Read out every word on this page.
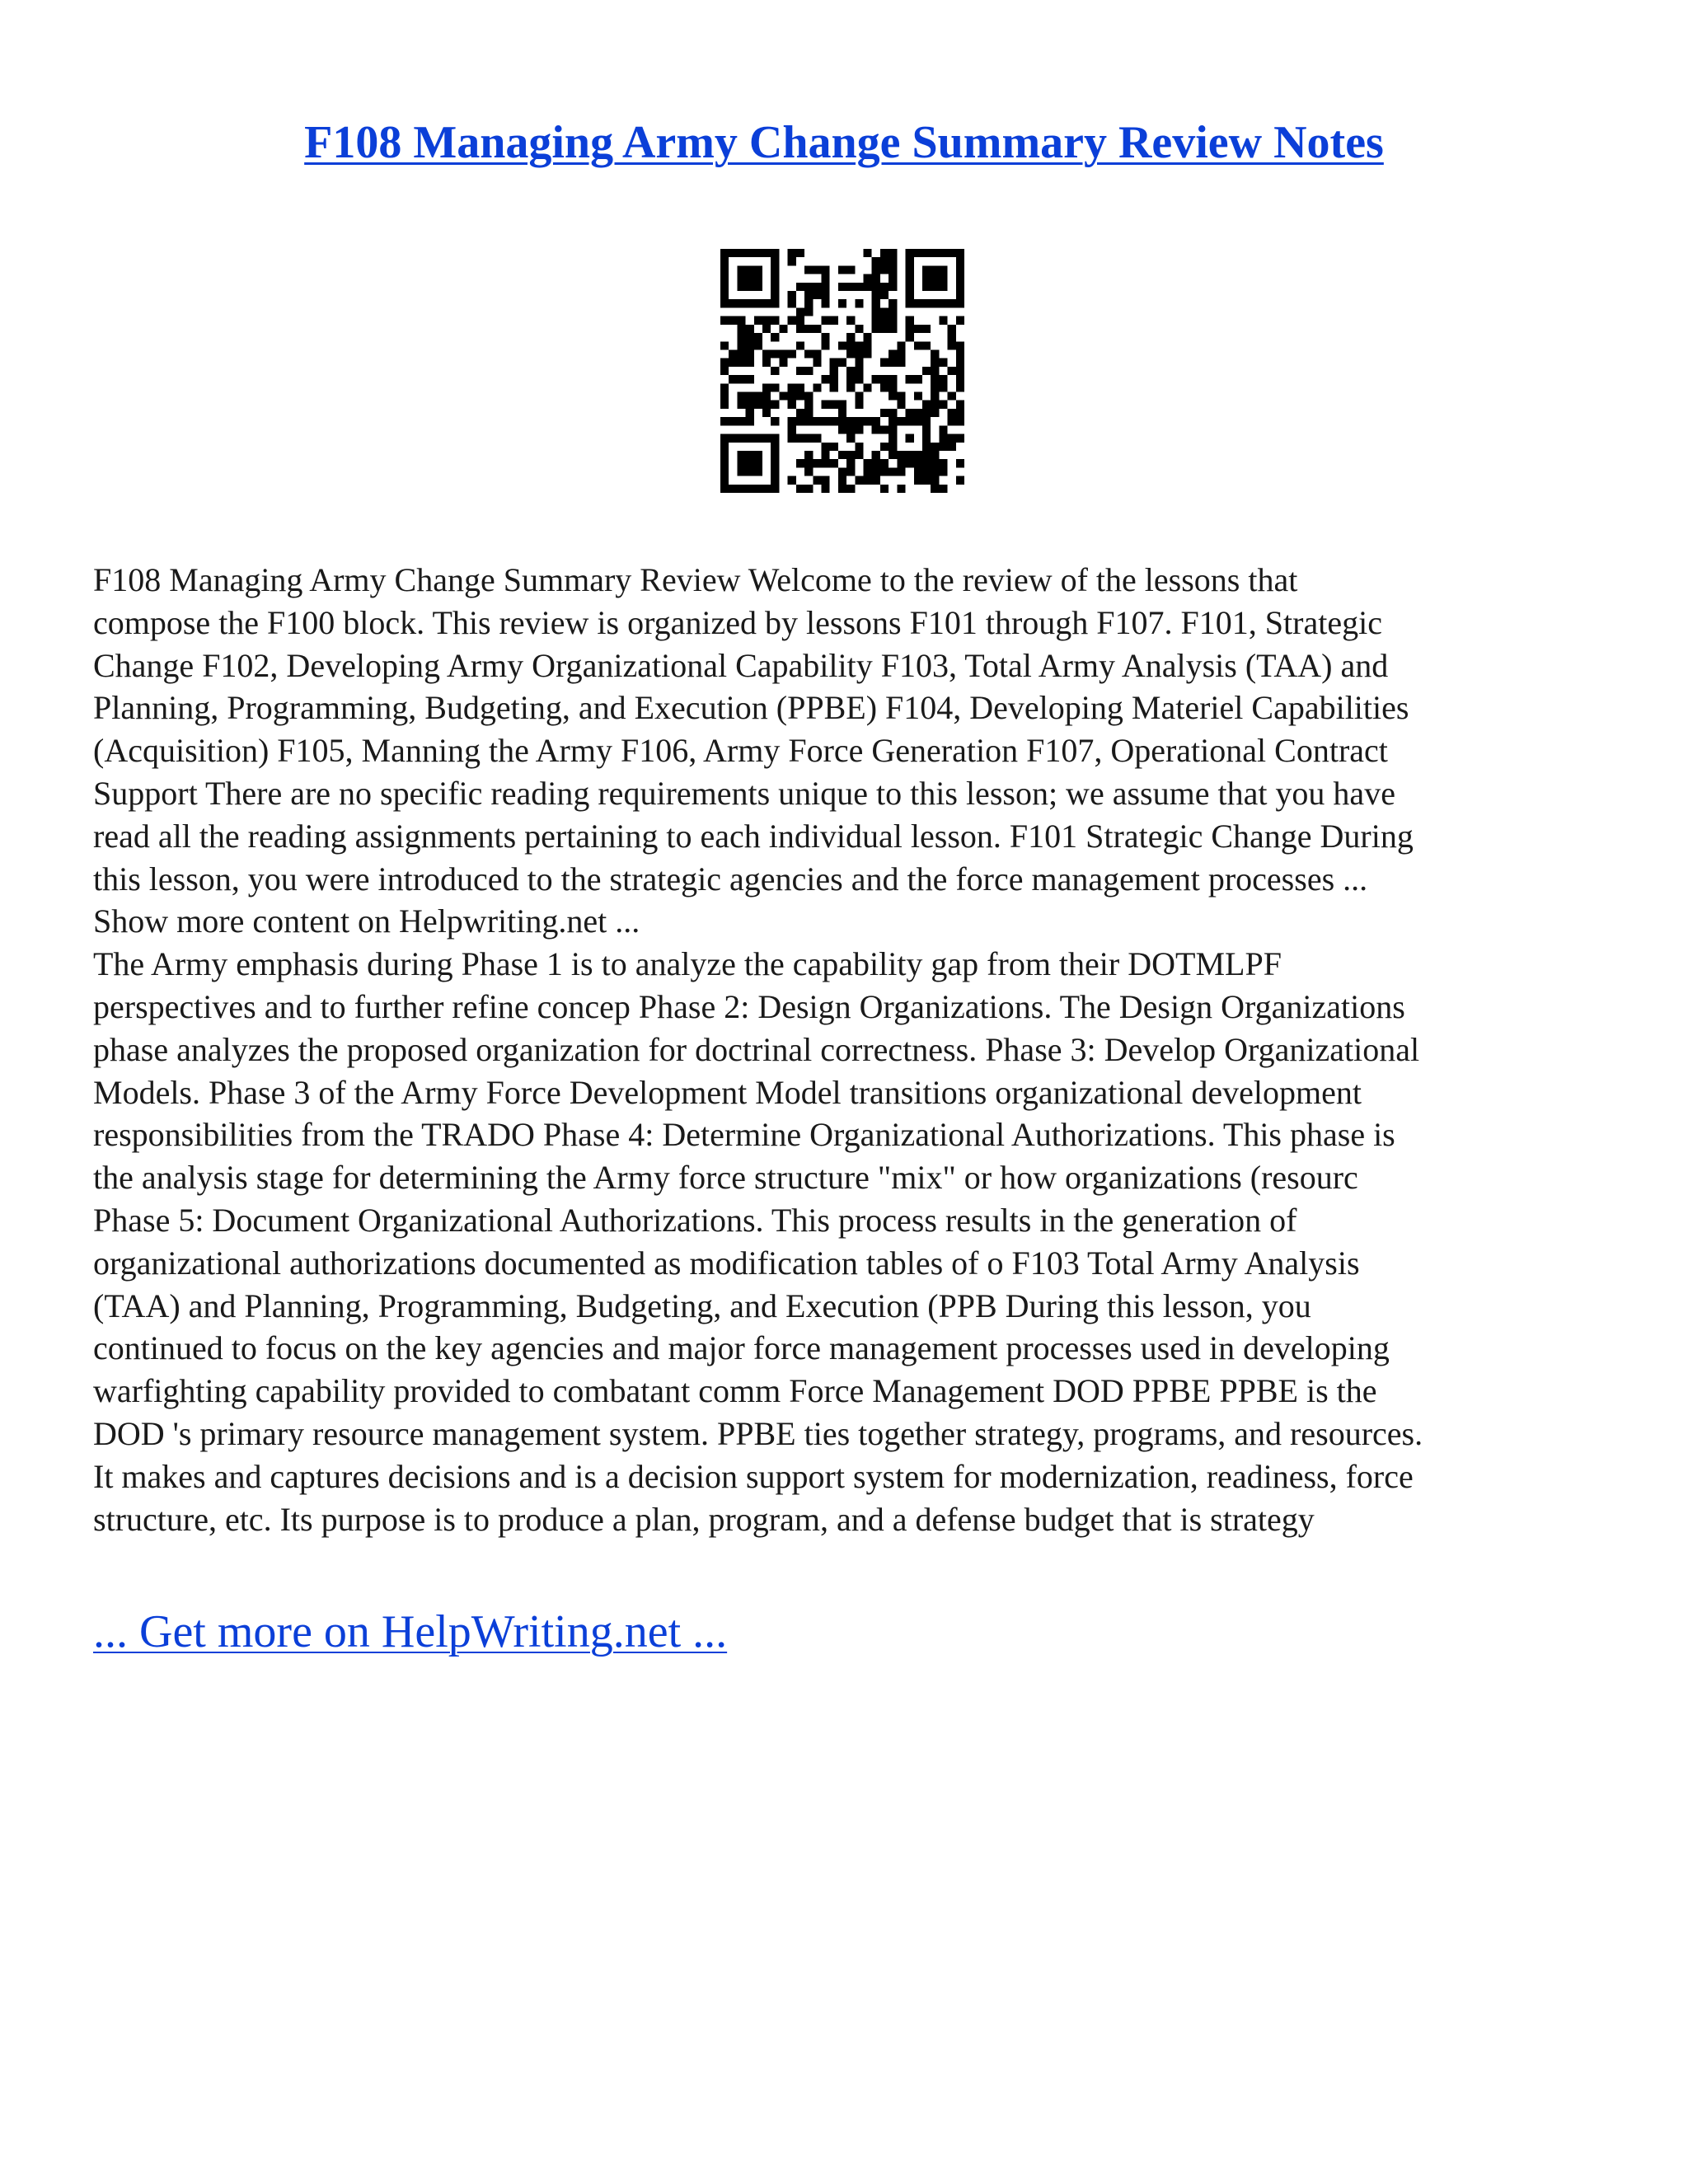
F108 Managing Army Change Summary Review Notes

F108 Managing Army Change Summary Review Welcome to the review of the lessons that
compose the F100 block. This review is organized by lessons F101 through F107. F101, Strategic
Change F102, Developing Army Organizational Capability F103, Total Army Analysis (TAA) and
Planning, Programming, Budgeting, and Execution (PPBE) F104, Developing Materiel Capabilities
(Acquisition) F105, Manning the Army F106, Army Force Generation F107, Operational Contract
Support There are no specific reading requirements unique to this lesson; we assume that you have
read all the reading assignments pertaining to each individual lesson. F101 Strategic Change During
this lesson, you were introduced to the strategic agencies and the force management processes ...
Show more content on Helpwriting.net ...
The Army emphasis during Phase 1 is to analyze the capability gap from their DOTMLPF
perspectives and to further refine concep Phase 2: Design Organizations. The Design Organizations
phase analyzes the proposed organization for doctrinal correctness. Phase 3: Develop Organizational
Models. Phase 3 of the Army Force Development Model transitions organizational development
responsibilities from the TRADO Phase 4: Determine Organizational Authorizations. This phase is
the analysis stage for determining the Army force structure "mix" or how organizations (resourc
Phase 5: Document Organizational Authorizations. This process results in the generation of
organizational authorizations documented as modification tables of o F103 Total Army Analysis
(TAA) and Planning, Programming, Budgeting, and Execution (PPB During this lesson, you
continued to focus on the key agencies and major force management processes used in developing
warfighting capability provided to combatant comm Force Management DOD PPBE PPBE is the
DOD 's primary resource management system. PPBE ties together strategy, programs, and resources.
It makes and captures decisions and is a decision support system for modernization, readiness, force
structure, etc. Its purpose is to produce a plan, program, and a defense budget that is strategy

... Get more on HelpWriting.net ...
